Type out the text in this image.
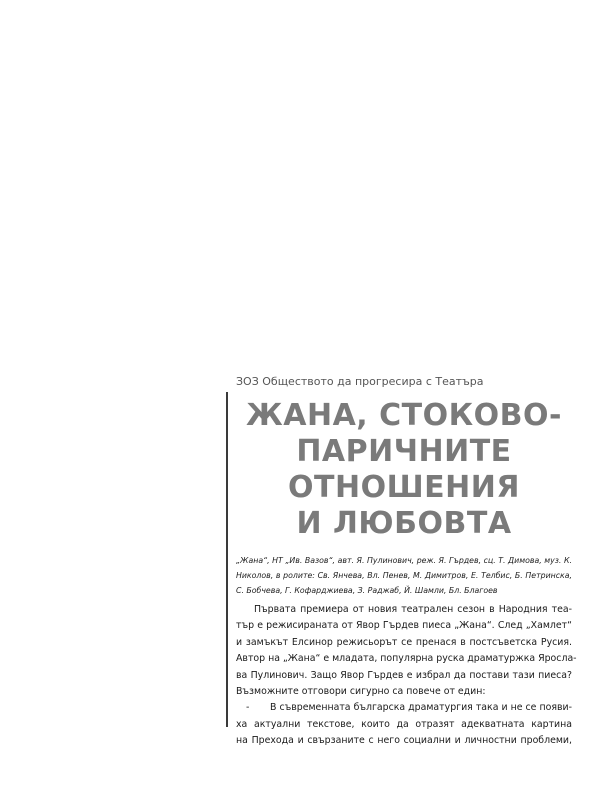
ЗОЗ Обществото да прогресира с Театъра
ЖАНА, СТОКОВО-
ПАРИЧНИТЕ
ОТНОШЕНИЯ
И ЛЮБОВТА
„Жана“, НТ „Ив. Вазов“, авт. Я. Пулинович, реж. Я. Гърдев, сц. Т. Димова, муз. К. Николов, в ролите: Св. Янчева, Вл. Пенев, М. Димитров, Е. Телбис, Б. Петринска, С. Бобчева, Г. Кофарджиева, З. Раджаб, Й. Шамли, Бл. Благоев
Първата премиера от новия театрален сезон в Народния теа-
тър е режисираната от Явор Гърдев пиеса „Жана“. След „Хамлет“
и замъкът Елсинор режисьорът се пренася в постсъветска Русия.
Автор на „Жана“ е младата, популярна руска драматуржка Яросла-
ва Пулинович. Защо Явор Гърдев е избрал да постави тази пиеса?
Възможните отговори сигурно са повече от един:
-	В съвременната българска драматургия така и не се появи-
ха актуални текстове, които да отразят адекватната картина
на Прехода и свързаните с него социални и личностни проблеми,
